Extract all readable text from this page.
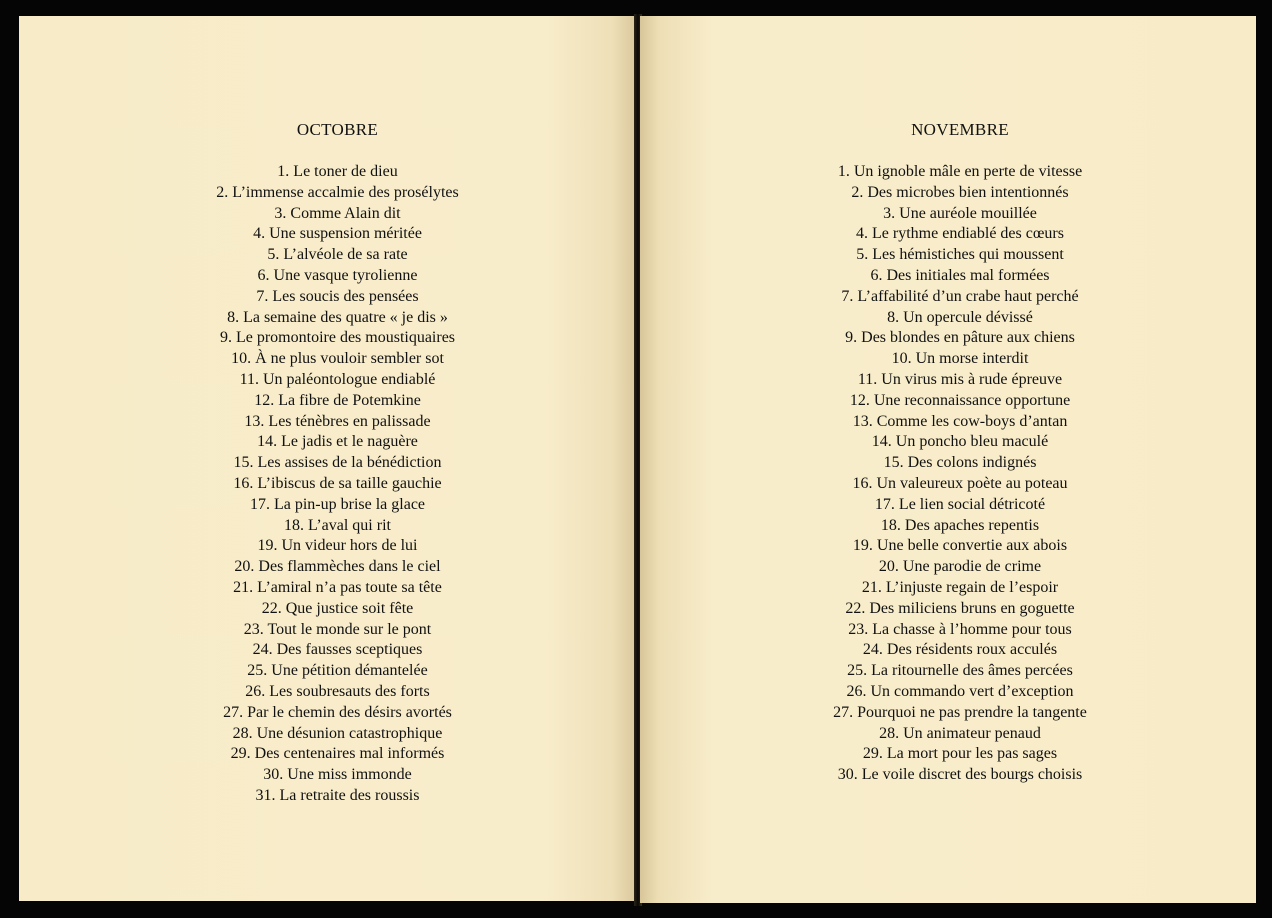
OCTOBRE
1. Le toner de dieu
2. L’immense accalmie des prosélytes
3. Comme Alain dit
4. Une suspension méritée
5. L’alvéole de sa rate
6. Une vasque tyrolienne
7. Les soucis des pensées
8. La semaine des quatre « je dis »
9. Le promontoire des moustiquaires
10. À ne plus vouloir sembler sot
11. Un paléontologue endiablé
12. La fibre de Potemkine
13. Les ténèbres en palissade
14. Le jadis et le naguère
15. Les assises de la bénédiction
16. L’ibiscus de sa taille gauchie
17. La pin-up brise la glace
18. L’aval qui rit
19. Un videur hors de lui
20. Des flammèches dans le ciel
21. L’amiral n’a pas toute sa tête
22. Que justice soit fête
23. Tout le monde sur le pont
24. Des fausses sceptiques
25. Une pétition démantelée
26. Les soubresauts des forts
27. Par le chemin des désirs avortés
28. Une désunion catastrophique
29. Des centenaires mal informés
30. Une miss immonde
31. La retraite des roussis
NOVEMBRE
1. Un ignoble mâle en perte de vitesse
2. Des microbes bien intentionnés
3. Une auréole mouillée
4. Le rythme endiablé des cœurs
5. Les hémistiches qui moussent
6. Des initiales mal formées
7. L’affabilité d’un crabe haut perché
8. Un opercule dévissé
9. Des blondes en pâture aux chiens
10. Un morse interdit
11. Un virus mis à rude épreuve
12. Une reconnaissance opportune
13. Comme les cow-boys d’antan
14. Un poncho bleu maculé
15. Des colons indignés
16. Un valeureux poète au poteau
17. Le lien social détricoté
18. Des apaches repentis
19. Une belle convertie aux abois
20. Une parodie de crime
21. L’injuste regain de l’espoir
22. Des miliciens bruns en goguette
23. La chasse à l’homme pour tous
24. Des résidents roux acculés
25. La ritournelle des âmes percées
26. Un commando vert d’exception
27. Pourquoi ne pas prendre la tangente
28. Un animateur penaud
29. La mort pour les pas sages
30. Le voile discret des bourgs choisis
